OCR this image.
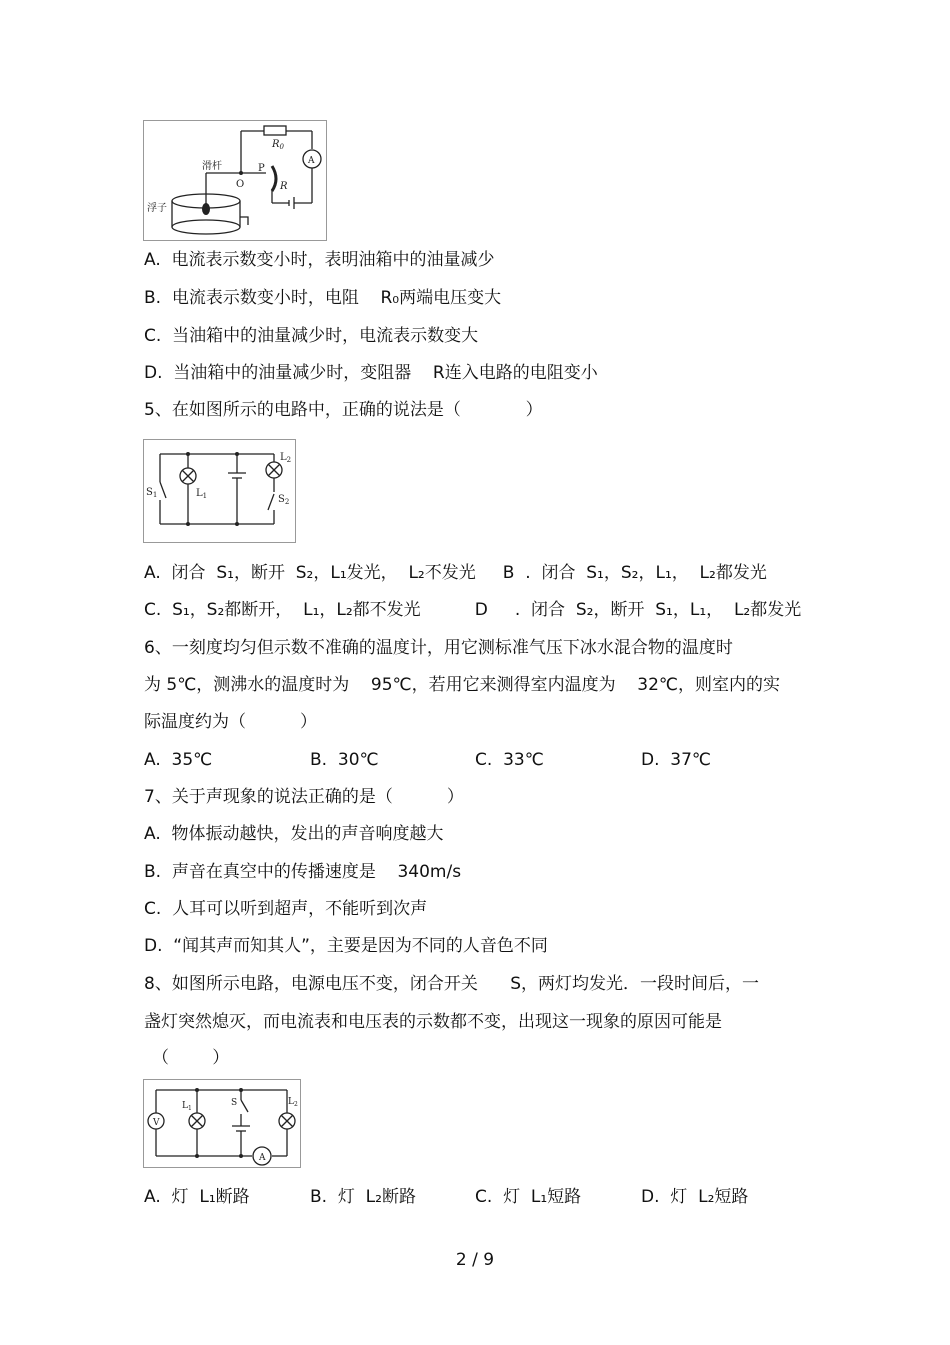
滑杆
浮子
O
P
$R_0$
R
A
A.  电流表示数变小时，表明油箱中的油量减少
B.  电流表示数变小时，电阻    R₀两端电压变大
C.  当油箱中的油量减少时，电流表示数变大
D.  当油箱中的油量减少时，变阻器    R连入电路的电阻变小
5、在如图所示的电路中，正确的说法是（            ）
$S_1$	$L_1$
$L_2$
$S_2$
A.  闭合  S₁，断开  S₂，L₁发光，  L₂不发光     B  .  闭合  S₁，S₂，L₁，  L₂都发光
C.  S₁，S₂都断开，  L₁，L₂都不发光          D     .  闭合  S₂，断开  S₁，L₁，  L₂都发光
6、一刻度均匀但示数不准确的温度计，用它测标准气压下冰水混合物的温度时
为 5℃，测沸水的温度时为    95℃，若用它来测得室内温度为    32℃，则室内的实
际温度约为（          ）

A.  35℃

	B.  30℃

	C.  33℃

	D.  37℃

7、关于声现象的说法正确的是（          ）
A.  物体振动越快，发出的声音响度越大
B.  声音在真空中的传播速度是    340m/s
C.  人耳可以听到超声，不能听到次声
D.  “闻其声而知其人”，主要是因为不同的人音色不同
8、如图所示电路，电源电压不变，闭合开关      S，两灯均发光．一段时间后，一
盏灯突然熄灭，而电流表和电压表的示数都不变，出现这一现象的原因可能是
（        ）
V
$L_1$
S	$L_2$
A

A.  灯  L₁断路

	B.  灯  L₂断路

	C.  灯  L₁短路

	D.  灯  L₂短路

2 / 9
